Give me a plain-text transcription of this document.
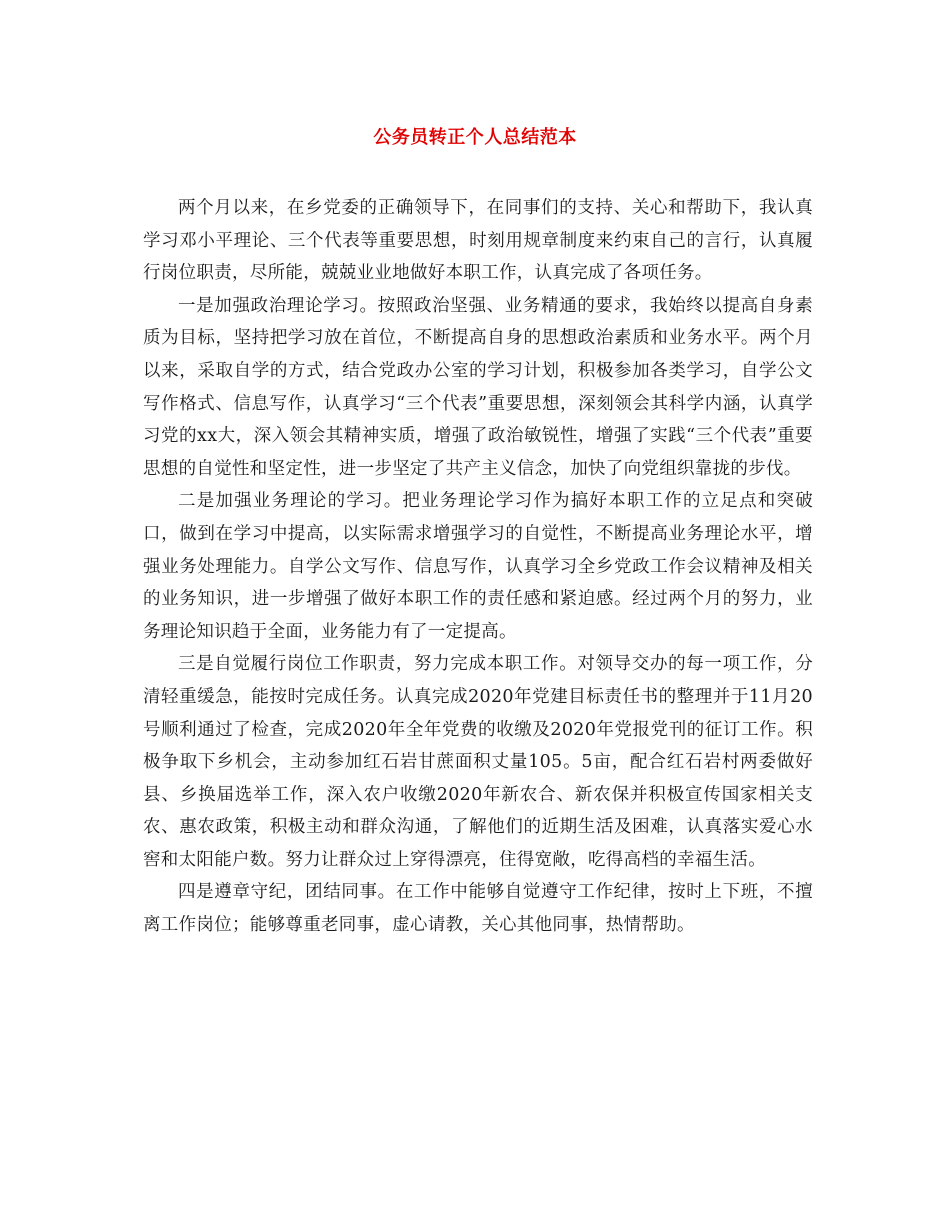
公务员转正个人总结范本

两个月以来，在乡党委的正确领导下，在同事们的支持、关心和帮助下，我认真学习邓小平理论、三个代表等重要思想，时刻用规章制度来约束自己的言行，认真履行岗位职责，尽所能，兢兢业业地做好本职工作，认真完成了各项任务。

一是加强政治理论学习。按照政治坚强、业务精通的要求，我始终以提高自身素质为目标，坚持把学习放在首位，不断提高自身的思想政治素质和业务水平。两个月以来，采取自学的方式，结合党政办公室的学习计划，积极参加各类学习，自学公文写作格式、信息写作，认真学习“三个代表”重要思想，深刻领会其科学内涵，认真学习党的xx大，深入领会其精神实质，增强了政治敏锐性，增强了实践“三个代表”重要思想的自觉性和坚定性，进一步坚定了共产主义信念，加快了向党组织靠拢的步伐。

二是加强业务理论的学习。把业务理论学习作为搞好本职工作的立足点和突破口，做到在学习中提高，以实际需求增强学习的自觉性，不断提高业务理论水平，增强业务处理能力。自学公文写作、信息写作，认真学习全乡党政工作会议精神及相关的业务知识，进一步增强了做好本职工作的责任感和紧迫感。经过两个月的努力，业务理论知识趋于全面，业务能力有了一定提高。

三是自觉履行岗位工作职责，努力完成本职工作。对领导交办的每一项工作，分清轻重缓急，能按时完成任务。认真完成2020年党建目标责任书的整理并于11月20号顺利通过了检查，完成2020年全年党费的收缴及2020年党报党刊的征订工作。积极争取下乡机会，主动参加红石岩甘蔗面积丈量105。5亩，配合红石岩村两委做好县、乡换届选举工作，深入农户收缴2020年新农合、新农保并积极宣传国家相关支农、惠农政策，积极主动和群众沟通，了解他们的近期生活及困难，认真落实爱心水窖和太阳能户数。努力让群众过上穿得漂亮，住得宽敞，吃得高档的幸福生活。

四是遵章守纪，团结同事。在工作中能够自觉遵守工作纪律，按时上下班，不擅离工作岗位；能够尊重老同事，虚心请教，关心其他同事，热情帮助。
